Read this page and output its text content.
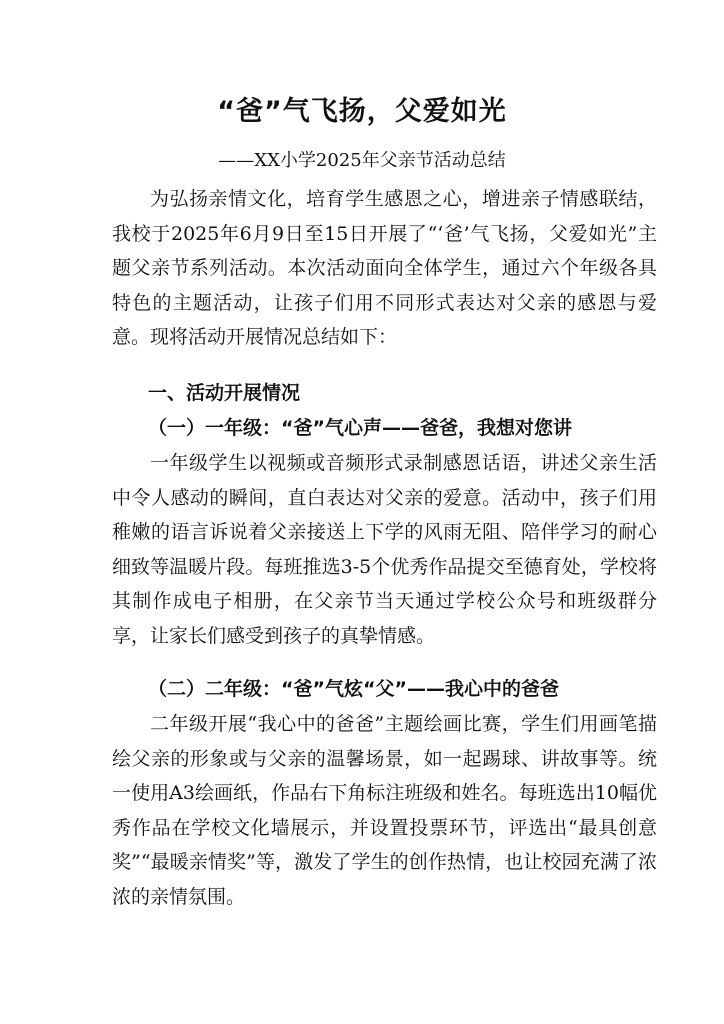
“爸”气飞扬，父爱如光

——XX小学2025年父亲节活动总结

为弘扬亲情文化，培育学生感恩之心，增进亲子情感联结，我校于2025年6月9日至15日开展了“‘爸’气飞扬，父爱如光”主题父亲节系列活动。本次活动面向全体学生，通过六个年级各具特色的主题活动，让孩子们用不同形式表达对父亲的感恩与爱意。现将活动开展情况总结如下：

一、活动开展情况
（一）一年级：“爸”气心声——爸爸，我想对您讲

一年级学生以视频或音频形式录制感恩话语，讲述父亲生活中令人感动的瞬间，直白表达对父亲的爱意。活动中，孩子们用稚嫩的语言诉说着父亲接送上下学的风雨无阻、陪伴学习的耐心细致等温暖片段。每班推选3-5个优秀作品提交至德育处，学校将其制作成电子相册，在父亲节当天通过学校公众号和班级群分享，让家长们感受到孩子的真挚情感。

（二）二年级：“爸”气炫“父”——我心中的爸爸

二年级开展“我心中的爸爸”主题绘画比赛，学生们用画笔描绘父亲的形象或与父亲的温馨场景，如一起踢球、讲故事等。统一使用A3绘画纸，作品右下角标注班级和姓名。每班选出10幅优秀作品在学校文化墙展示，并设置投票环节，评选出“最具创意奖”“最暖亲情奖”等，激发了学生的创作热情，也让校园充满了浓浓的亲情氛围。
